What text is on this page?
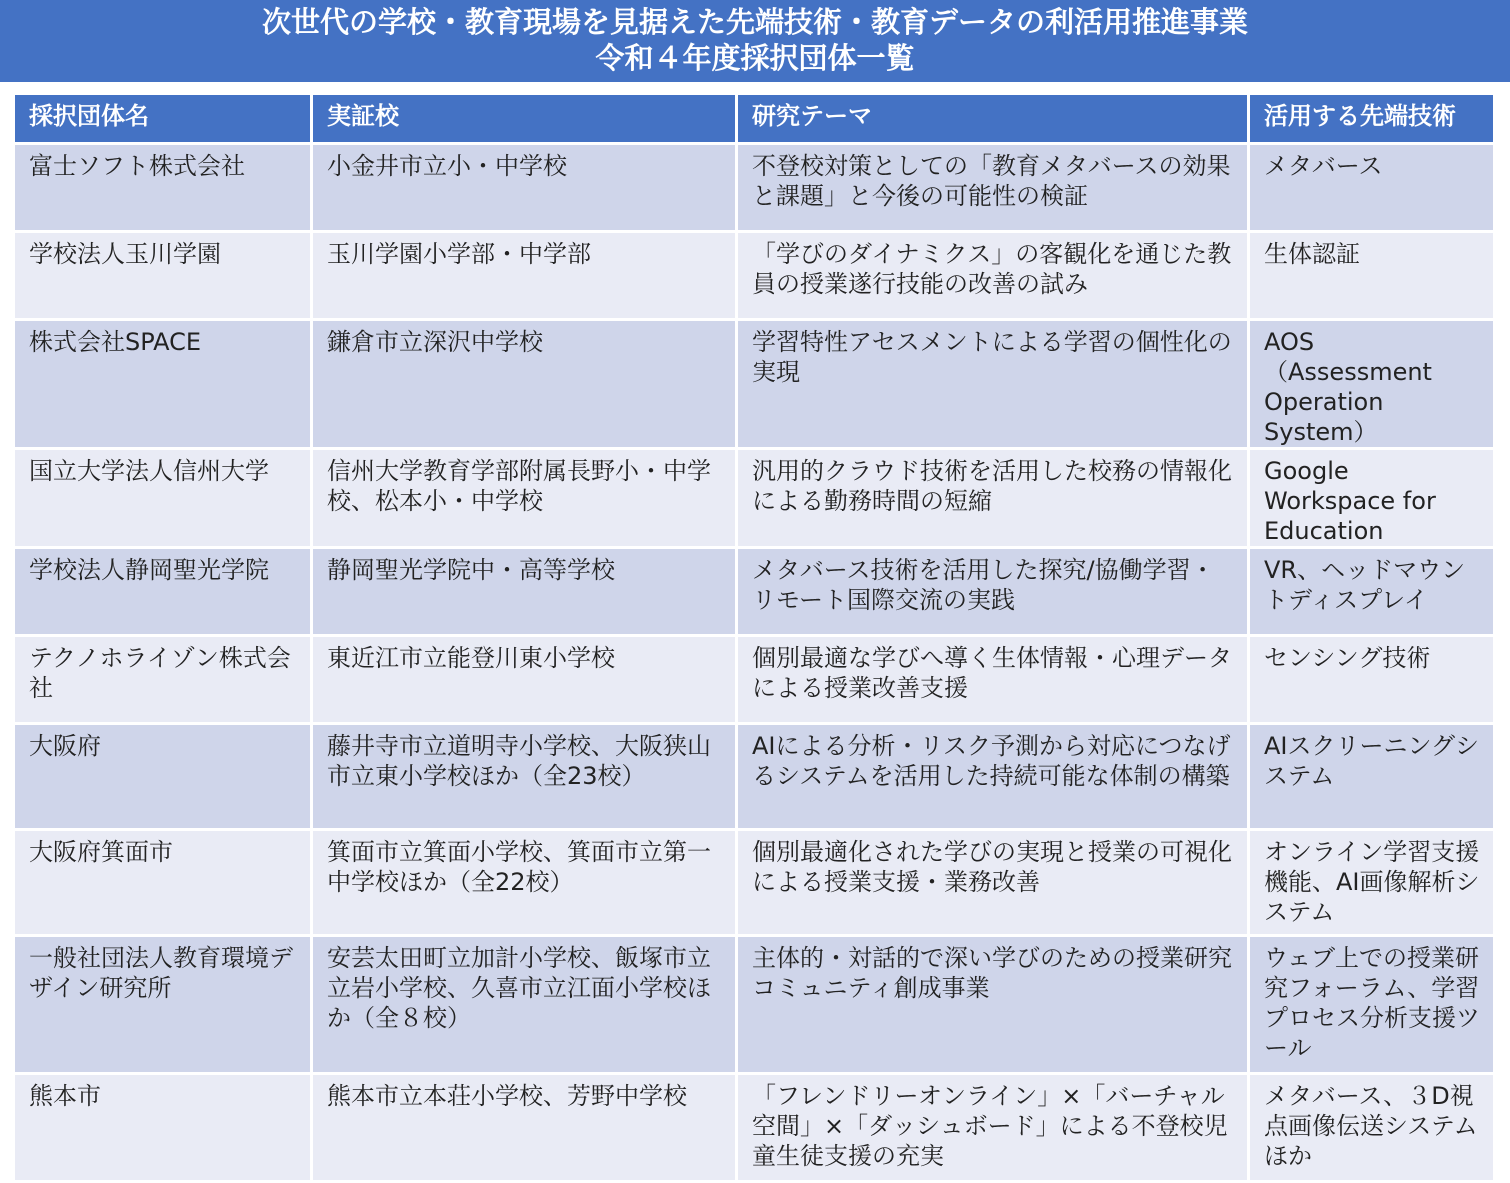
次世代の学校・教育現場を見据えた先端技術・教育データの利活用推進事業
令和４年度採択団体一覧
採択団体名	実証校	研究テーマ	活用する先端技術
富士ソフト株式会社	小金井市立小・中学校	不登校対策としての「教育メタバースの効果と課題」と今後の可能性の検証	メタバース
学校法人玉川学園	玉川学園小学部・中学部	「学びのダイナミクス」の客観化を通じた教員の授業遂行技能の改善の試み	生体認証
株式会社SPACE	鎌倉市立深沢中学校	学習特性アセスメントによる学習の個性化の実現	AOS（Assessment Operation System）
国立大学法人信州大学	信州大学教育学部附属長野小・中学校、松本小・中学校	汎用的クラウド技術を活用した校務の情報化による勤務時間の短縮	Google Workspace for Education
学校法人静岡聖光学院	静岡聖光学院中・高等学校	メタバース技術を活用した探究/協働学習・リモート国際交流の実践	VR、ヘッドマウントディスプレイ
テクノホライゾン株式会社	東近江市立能登川東小学校	個別最適な学びへ導く生体情報・心理データによる授業改善支援	センシング技術
大阪府	藤井寺市立道明寺小学校、大阪狭山市立東小学校ほか（全23校）	AIによる分析・リスク予測から対応につなげるシステムを活用した持続可能な体制の構築	AIスクリーニングシステム
大阪府箕面市	箕面市立箕面小学校、箕面市立第一中学校ほか（全22校）	個別最適化された学びの実現と授業の可視化による授業支援・業務改善	オンライン学習支援機能、AI画像解析システム
一般社団法人教育環境デザイン研究所	安芸太田町立加計小学校、飯塚市立立岩小学校、久喜市立江面小学校ほか（全８校）	主体的・対話的で深い学びのための授業研究コミュニティ創成事業	ウェブ上での授業研究フォーラム、学習プロセス分析支援ツール
熊本市	熊本市立本荘小学校、芳野中学校	「フレンドリーオンライン」×「バーチャル空間」×「ダッシュボード」による不登校児童生徒支援の充実	メタバース、３D視点画像伝送システムほか
